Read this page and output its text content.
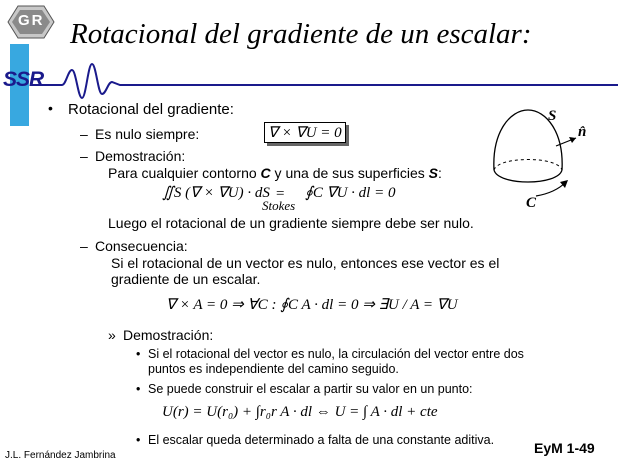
GR
SSR
Rotacional del gradiente de un escalar:
• Rotacional del gradiente:
– Es nulo siempre:	∇ × ∇U = 0
– Demostración:
Para cualquier contorno C y una de sus superficies S:
∬S (∇ × ∇U) · dS =
Stokes
∮C ∇U · dl = 0
Luego el rotacional de un gradiente siempre debe ser nulo.
– Consecuencia:
Si el rotacional de un vector es nulo, entonces ese vector es el
gradiente de un escalar.
∇ × A = 0 ⇒ ∀C : ∮C A · dl = 0 ⇒ ∃U / A = ∇U
» Demostración:
• Si el rotacional del vector es nulo, la circulación del vector entre dos
puntos es independiente del camino seguido.
• Se puede construir el escalar a partir su valor en un punto:
U(r) = U(r₀) + ∫r₀r A · dl ⇔ U = ∫ A · dl + cte
• El escalar queda determinado a falta de una constante aditiva.
S
n̂
C
J.L. Fernández Jambrina	EyM 1-49
